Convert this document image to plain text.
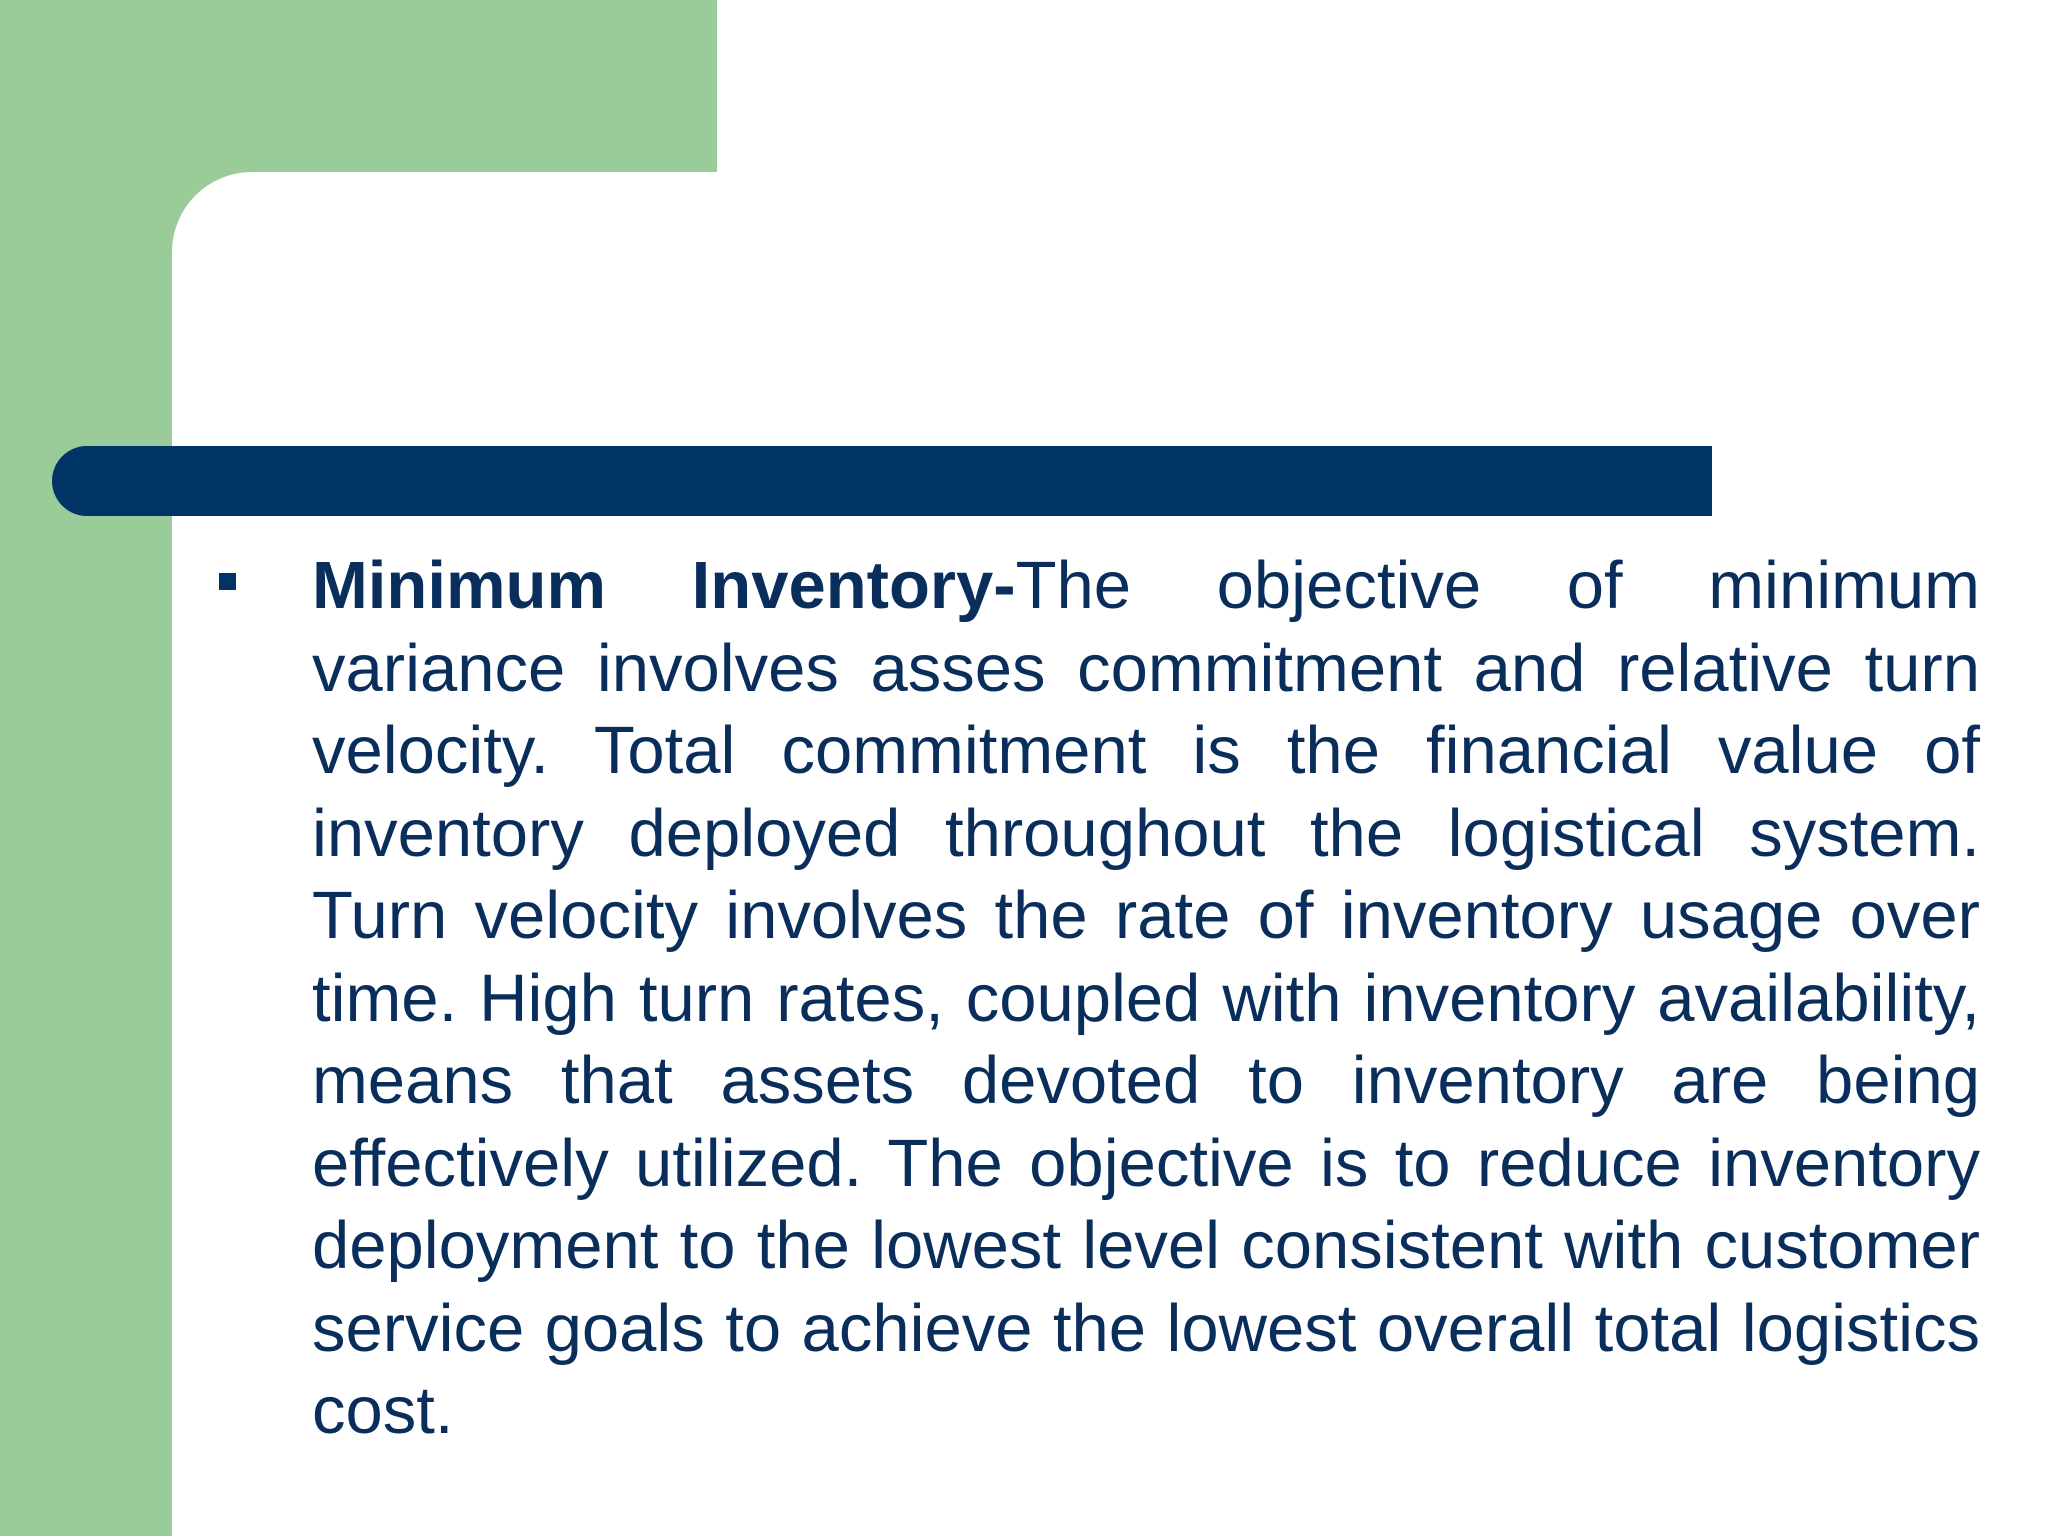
Minimum Inventory-The objective of minimum variance involves asses commitment and relative turn velocity. Total commitment is the financial value of inventory deployed throughout the logistical system. Turn velocity involves the rate of inventory usage over time. High turn rates, coupled with inventory availability, means that assets devoted to inventory are being effectively utilized. The objective is to reduce inventory deployment to the lowest level consistent with customer service goals to achieve the lowest overall total logistics cost.
